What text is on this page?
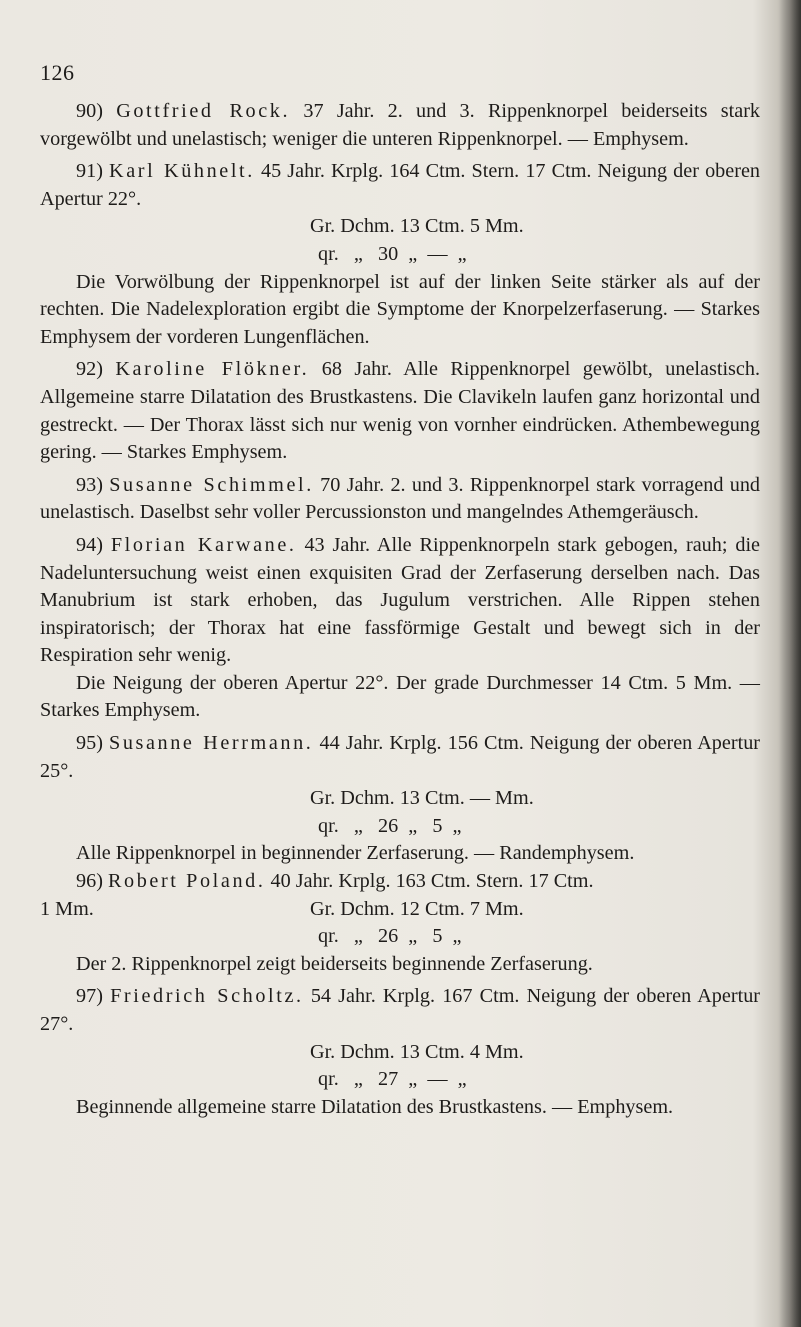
126

90) Gottfried Rock. 37 Jahr. 2. und 3. Rippenknorpel beiderseits stark vorgewölbt und unelastisch; weniger die unteren Rippenknorpel. — Emphysem.

91) Karl Kühnelt. 45 Jahr. Krplg. 164 Ctm. Stern. 17 Ctm. Neigung der oberen Apertur 22°.

Gr. Dchm. 13 Ctm. 5 Mm.

qr.   „   30  „  —  „

Die Vorwölbung der Rippenknorpel ist auf der linken Seite stärker als auf der rechten. Die Nadelexploration ergibt die Symptome der Knorpelzerfaserung. — Starkes Emphysem der vorderen Lungenflächen.

92) Karoline Flökner. 68 Jahr. Alle Rippenknorpel gewölbt, unelastisch. Allgemeine starre Dilatation des Brustkastens. Die Clavikeln laufen ganz horizontal und gestreckt. — Der Thorax lässt sich nur wenig von vornher eindrücken. Athembewegung gering. — Starkes Emphysem.

93) Susanne Schimmel. 70 Jahr. 2. und 3. Rippenknorpel stark vorragend und unelastisch. Daselbst sehr voller Percussionston und mangelndes Athemgeräusch.

94) Florian Karwane. 43 Jahr. Alle Rippenknorpeln stark gebogen, rauh; die Nadeluntersuchung weist einen exquisiten Grad der Zerfaserung derselben nach. Das Manubrium ist stark erhoben, das Jugulum verstrichen. Alle Rippen stehen inspiratorisch; der Thorax hat eine fassförmige Gestalt und bewegt sich in der Respiration sehr wenig.

Die Neigung der oberen Apertur 22°. Der grade Durchmesser 14 Ctm. 5 Mm. — Starkes Emphysem.

95) Susanne Herrmann. 44 Jahr. Krplg. 156 Ctm. Neigung der oberen Apertur 25°.

Gr. Dchm. 13 Ctm. — Mm.

qr.   „   26  „   5  „

Alle Rippenknorpel in beginnender Zerfaserung. — Randemphysem.

96) Robert Poland. 40 Jahr. Krplg. 163 Ctm. Stern. 17 Ctm.

1 Mm.	Gr. Dchm. 12 Ctm. 7 Mm.

qr.   „   26  „   5  „

Der 2. Rippenknorpel zeigt beiderseits beginnende Zerfaserung.

97) Friedrich Scholtz. 54 Jahr. Krplg. 167 Ctm. Neigung der oberen Apertur 27°.

Gr. Dchm. 13 Ctm. 4 Mm.

qr.   „   27  „  —  „

Beginnende allgemeine starre Dilatation des Brustkastens. — Emphysem.
